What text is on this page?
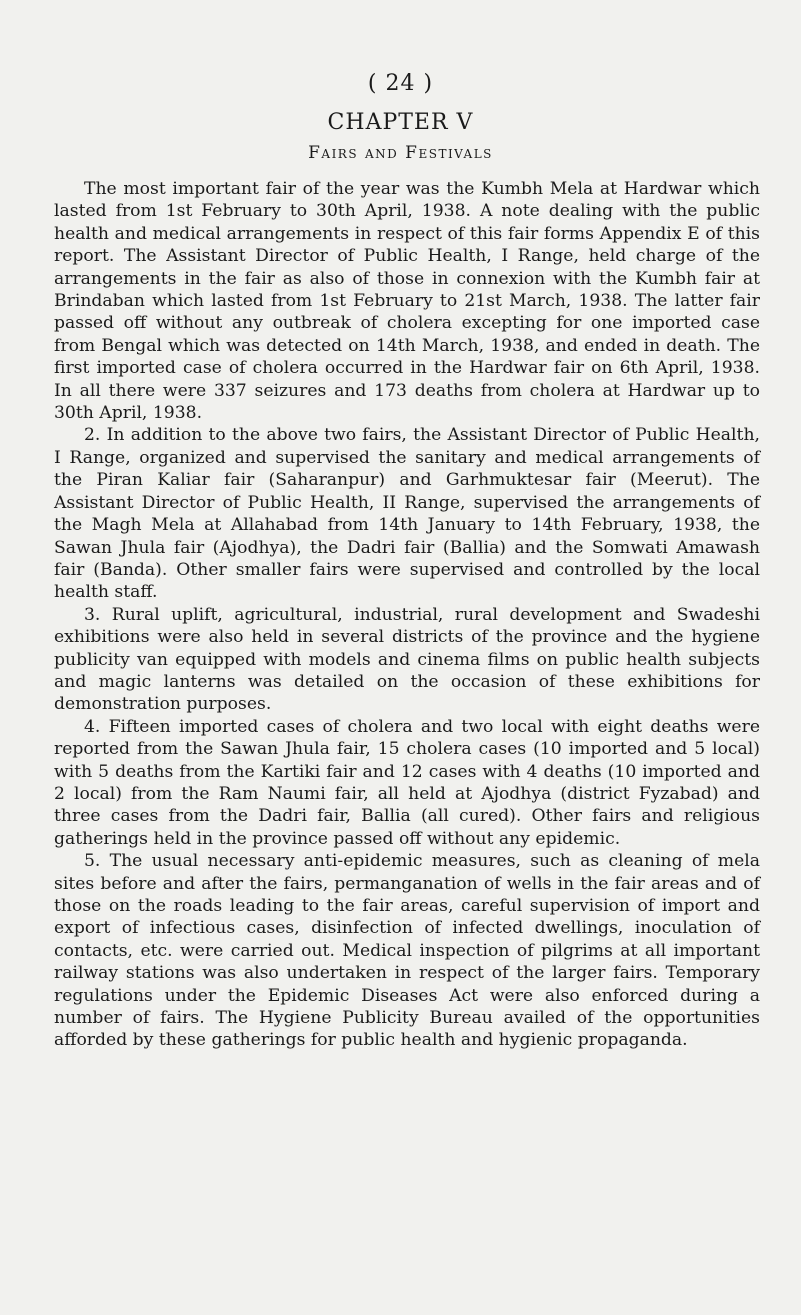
( 24 )
CHAPTER V
Fairs and Festivals

The most important fair of the year was the Kumbh Mela at Hardwar which lasted from 1st February to 30th April, 1938. A note dealing with the public health and medical arrangements in respect of this fair forms Appendix E of this report. The Assistant Director of Public Health, I Range, held charge of the arrangements in the fair as also of those in connexion with the Kumbh fair at Brindaban which lasted from 1st February to 21st March, 1938. The latter fair passed off without any outbreak of cholera excepting for one imported case from Bengal which was detected on 14th March, 1938, and ended in death. The first imported case of cholera occurred in the Hardwar fair on 6th April, 1938. In all there were 337 seizures and 173 deaths from cholera at Hardwar up to 30th April, 1938.

2. In addition to the above two fairs, the Assistant Director of Public Health, I Range, organized and supervised the sanitary and medical arrangements of the Piran Kaliar fair (Saharanpur) and Garhmuktesar fair (Meerut). The Assistant Director of Public Health, II Range, supervised the arrangements of the Magh Mela at Allahabad from 14th January to 14th February, 1938, the Sawan Jhula fair (Ajodhya), the Dadri fair (Ballia) and the Somwati Amawash fair (Banda). Other smaller fairs were supervised and controlled by the local health staff.

3. Rural uplift, agricultural, industrial, rural development and Swadeshi exhibitions were also held in several districts of the province and the hygiene publicity van equipped with models and cinema films on public health subjects and magic lanterns was detailed on the occasion of these exhibitions for demonstration purposes.

4. Fifteen imported cases of cholera and two local with eight deaths were reported from the Sawan Jhula fair, 15 cholera cases (10 imported and 5 local) with 5 deaths from the Kartiki fair and 12 cases with 4 deaths (10 imported and 2 local) from the Ram Naumi fair, all held at Ajodhya (district Fyzabad) and three cases from the Dadri fair, Ballia (all cured). Other fairs and religious gatherings held in the province passed off without any epidemic.

5. The usual necessary anti-epidemic measures, such as cleaning of mela sites before and after the fairs, permanganation of wells in the fair areas and of those on the roads leading to the fair areas, careful supervision of import and export of infectious cases, disinfection of infected dwellings, inoculation of contacts, etc. were carried out. Medical inspection of pilgrims at all important railway stations was also undertaken in respect of the larger fairs. Temporary regulations under the Epidemic Diseases Act were also enforced during a number of fairs. The Hygiene Publicity Bureau availed of the opportunities afforded by these gatherings for public health and hygienic propaganda.
